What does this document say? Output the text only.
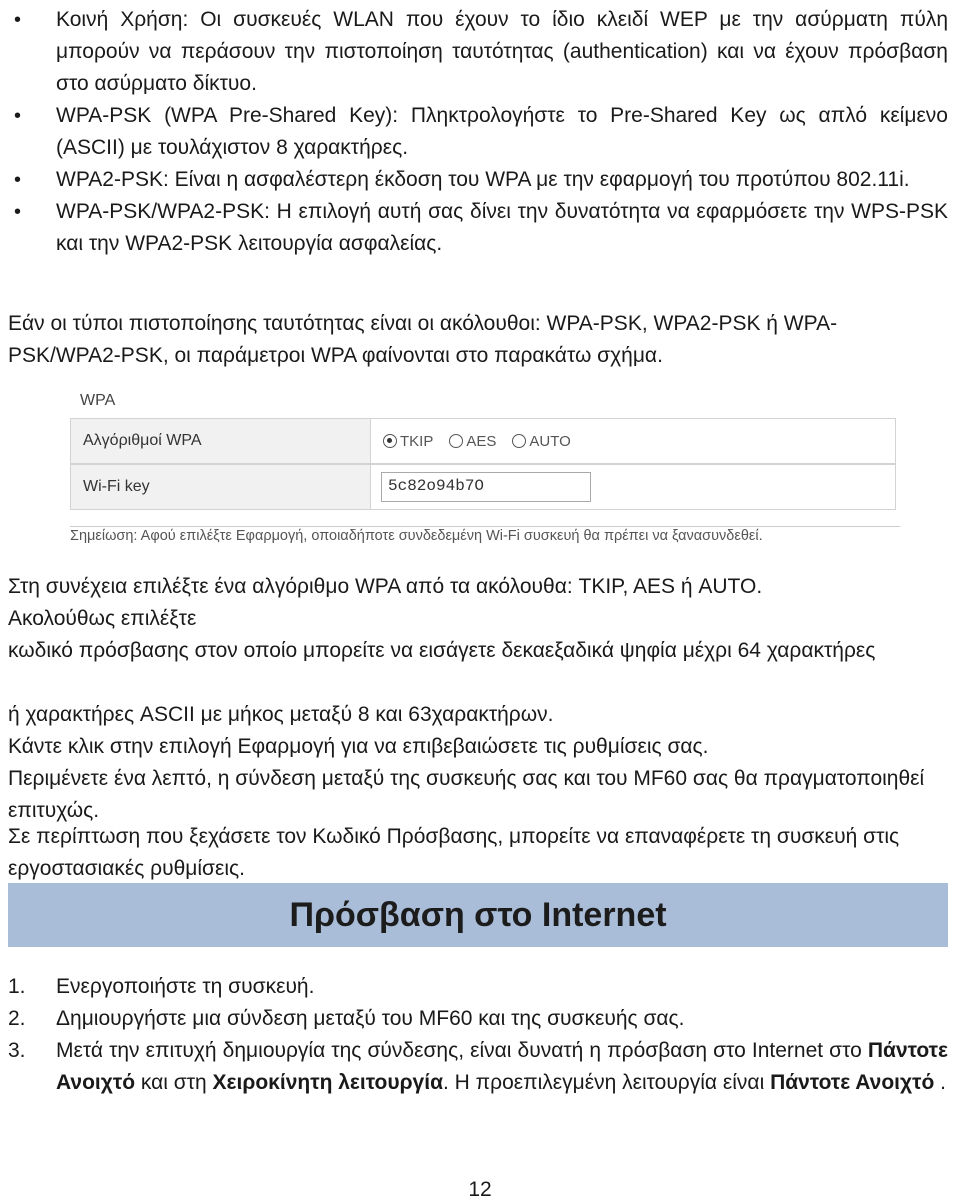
• Κοινή Χρήση: Οι συσκευές WLAN που έχουν το ίδιο κλειδί WEP με την ασύρματη πύλη μπορούν να περάσουν την πιστοποίηση ταυτότητας (authentication) και να έχουν πρόσβαση στο ασύρματο δίκτυο.
• WPA-PSK (WPA Pre-Shared Key): Πληκτρολογήστε το Pre-Shared Key ως απλό κείμενο (ASCII) με τουλάχιστον 8 χαρακτήρες.
• WPA2-PSK: Είναι η ασφαλέστερη έκδοση του WPA με την εφαρμογή του προτύπου 802.11i.
• WPA-PSK/WPA2-PSK: Η επιλογή αυτή σας δίνει την δυνατότητα να εφαρμόσετε την WPS-PSK και την WPA2-PSK λειτουργία ασφαλείας.

Εάν οι τύποι πιστοποίησης ταυτότητας είναι οι ακόλουθοι: WPA-PSK, WPA2-PSK ή WPA-PSK/WPA2-PSK, οι παράμετροι WPA φαίνονται στο παρακάτω σχήμα.

WPA
Αλγόριθμοί WPA	TKIP AES AUTO
Wi-Fi key	5c82o94b7O
Σημείωση: Αφού επιλέξτε Εφαρμογή, οποιαδήποτε συνδεδεμένη Wi-Fi συσκευή θα πρέπει να ξανασυνδεθεί.

Στη συνέχεια επιλέξτε ένα αλγόριθμο WPA από τα ακόλουθα: TKIP, AES ή AUTO.

Ακολούθως επιλέξτε

κωδικό πρόσβασης στον οποίο μπορείτε να εισάγετε δεκαεξαδικά ψηφία μέχρι 64 χαρακτήρες

ή χαρακτήρες ASCII με μήκος μεταξύ 8 και 63χαρακτήρων.

Κάντε κλικ στην επιλογή Εφαρμογή για να επιβεβαιώσετε τις ρυθμίσεις σας.

Περιμένετε ένα λεπτό, η σύνδεση μεταξύ της συσκευής σας και του MF60 σας θα πραγματοποιηθεί επιτυχώς.

Σε περίπτωση που ξεχάσετε τον Κωδικό Πρόσβασης, μπορείτε να επαναφέρετε τη συσκευή στις εργοστασιακές ρυθμίσεις.

Πρόσβαση στο Internet
1. Ενεργοποιήστε τη συσκευή.
2. Δημιουργήστε μια σύνδεση μεταξύ του MF60 και της συσκευής σας.
3. Μετά την επιτυχή δημιουργία της σύνδεσης, είναι δυνατή η πρόσβαση στο Internet στο Πάντοτε Ανοιχτό και στη Χειροκίνητη λειτουργία. Η προεπιλεγμένη λειτουργία είναι Πάντοτε Ανοιχτό .
12
